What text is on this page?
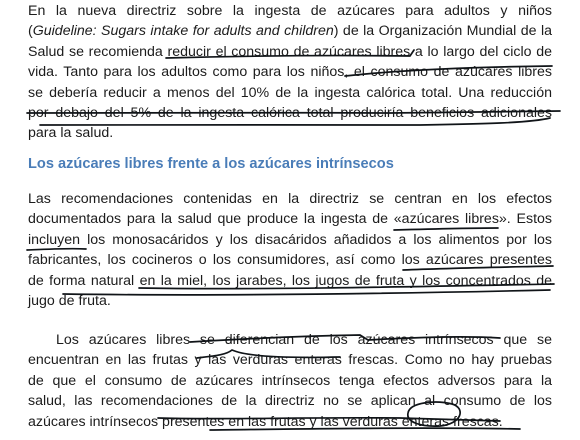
En la nueva directriz sobre la ingesta de azúcares para adultos y niños
(Guideline: Sugars intake for adults and children) de la Organización Mundial de la
Salud se recomienda reducir el consumo de azúcares libres a lo largo del ciclo de
vida. Tanto para los adultos como para los niños, el consumo de azúcares libres
se debería reducir a menos del 10% de la ingesta calórica total. Una reducción
por debajo del 5% de la ingesta calórica total produciría beneficios adicionales
para la salud.
Los azúcares libres frente a los azúcares intrínsecos
Las recomendaciones contenidas en la directriz se centran en los efectos
documentados para la salud que produce la ingesta de «azúcares libres». Estos
incluyen los monosacáridos y los disacáridos añadidos a los alimentos por los
fabricantes, los cocineros o los consumidores, así como los azúcares presentes
de forma natural en la miel, los jarabes, los jugos de fruta y los concentrados de
jugo de fruta.
Los azúcares libres se diferencian de los azúcares intrínsecos que se
encuentran en las frutas y las verduras enteras frescas. Como no hay pruebas
de que el consumo de azúcares intrínsecos tenga efectos adversos para la
salud, las recomendaciones de la directriz no se aplican al consumo de los
azúcares intrínsecos presentes en las frutas y las verduras enteras frescas.
